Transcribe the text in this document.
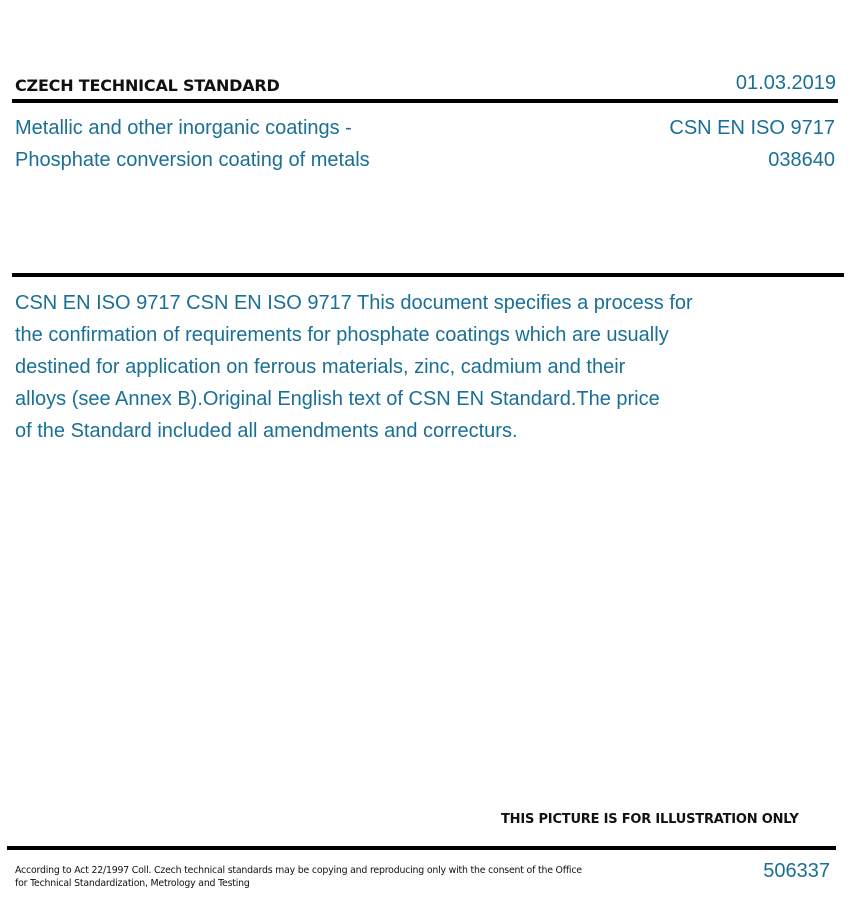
CZECH TECHNICAL STANDARD	01.03.2019
Metallic and other inorganic coatings -
Phosphate conversion coating of metals
CSN EN ISO 9717
038640

CSN EN ISO 9717 CSN EN ISO 9717 This document specifies a process for

the confirmation of requirements for phosphate coatings which are usually

destined for application on ferrous materials, zinc, cadmium and their

alloys (see Annex B).Original English text of CSN EN Standard.The price

of the Standard included all amendments and correcturs.

THIS PICTURE IS FOR ILLUSTRATION ONLY

According to Act 22/1997 Coll. Czech technical standards may be copying and reproducing only with the consent of the Office

for Technical Standardization, Metrology and Testing

506337
